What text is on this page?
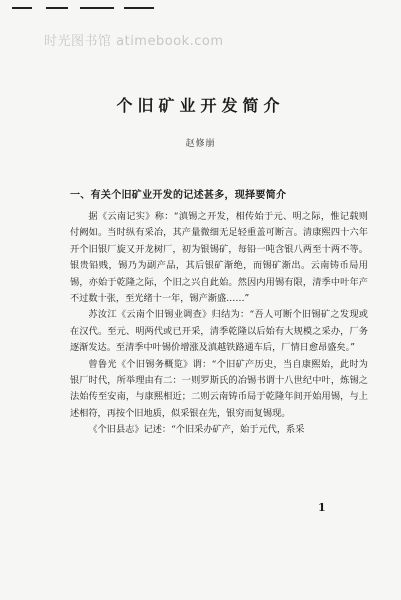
时光图书馆 atimebook.com
个旧矿业开发简介
赵修崩
一、有关个旧矿业开发的记述甚多，现择要简介

据《云南记实》称：“滇锡之开发，相传始于元、明之际，惟记载则付阙如。当时纵有采冶，其产量微细无足轻重盖可断言。清康熙四十六年开个旧银厂旋又开龙树厂，初为银锡矿，每铅一吨含银八两至十两不等。银贵铅贱，锡乃为副产品，其后银矿渐绝，而锡矿渐出。云南铸币局用锡，亦始于乾隆之际，个旧之兴自此始。然因内用锡有限，清季中叶年产不过数十张，至光绪十一年，锡产渐盛……”

苏汝江《云南个旧锡业调查》归结为：“吾人可断个旧锡矿之发现或在汉代。至元、明两代或已开采，清季乾隆以后始有大规模之采办，厂务逐渐发达。至清季中叶锡价增涨及滇越铁路通车后，厂情日愈昂盛矣。”

曾鲁光《个旧锡务概览》谓：“个旧矿产历史，当自康熙始，此时为银厂时代，所举理由有二：一则罗斯氏的冶锡书谓十八世纪中叶，炼锡之法始传至安南，与康熙相近；二则云南铸币局于乾隆年间开始用锡，与上述相符，再按个旧地质，似采银在先，银穷而复锡现。

《个旧县志》记述：“个旧采办矿产，始于元代，系采

1
